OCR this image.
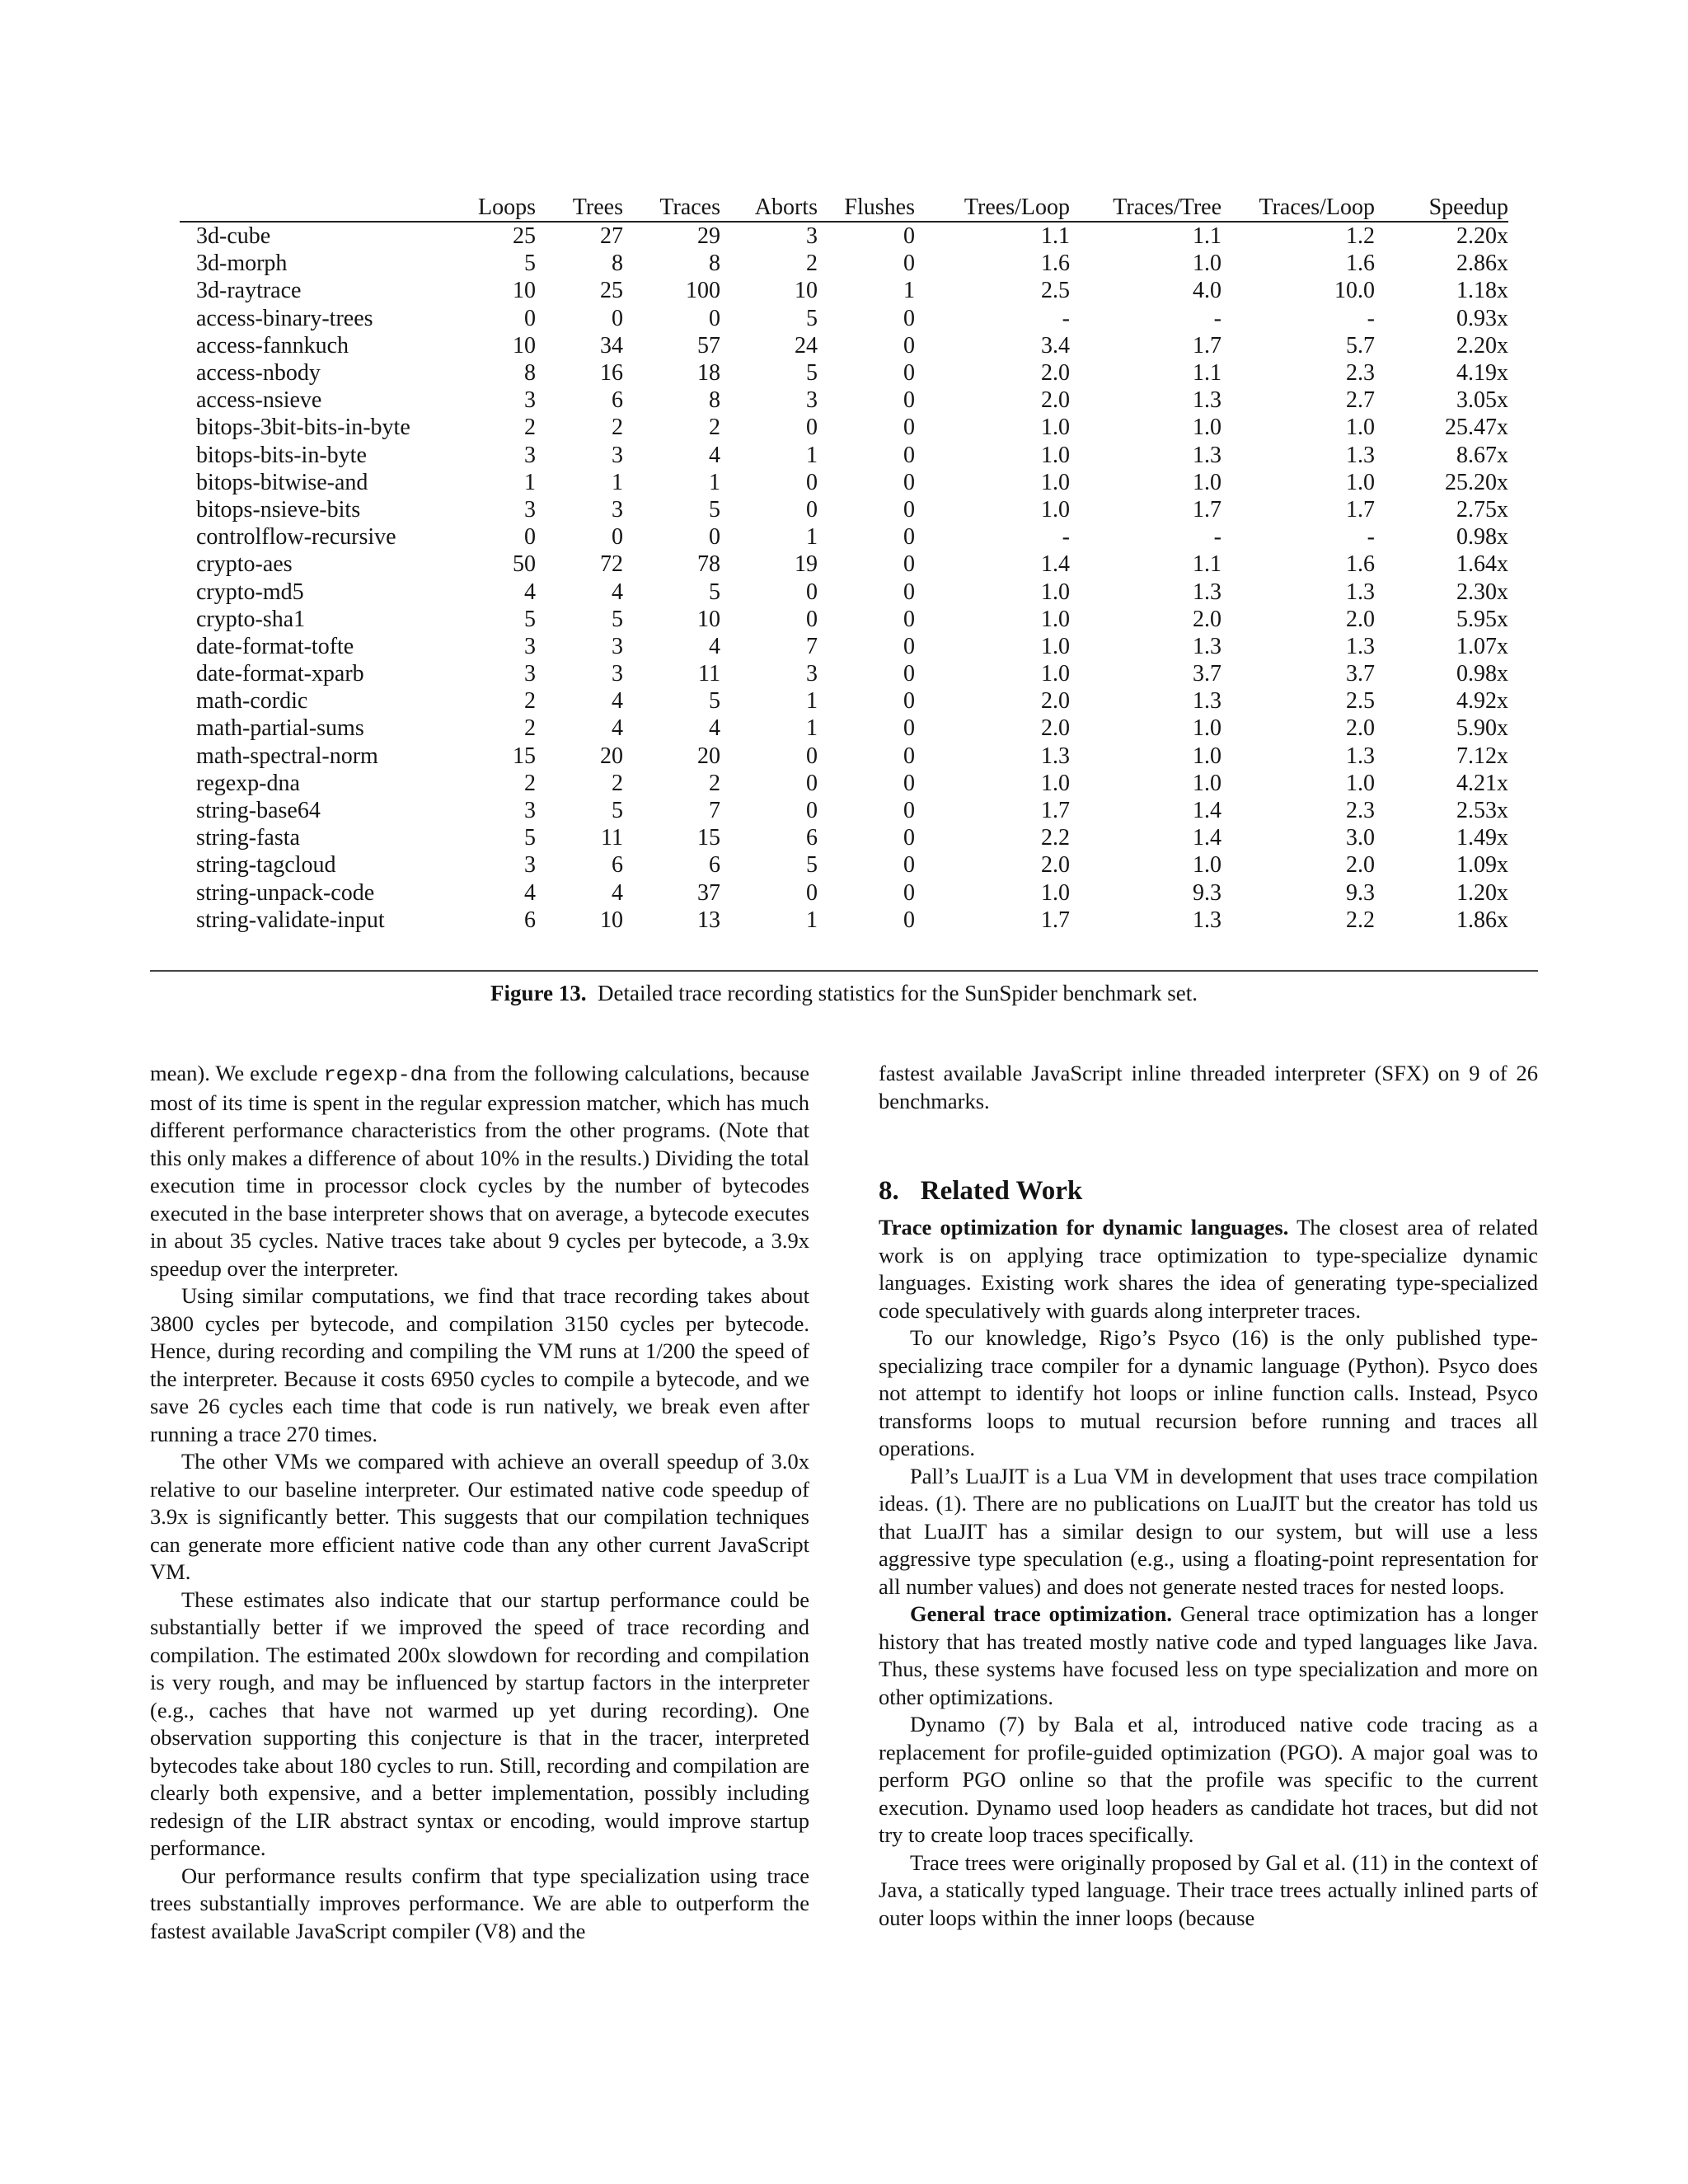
	Loops	Trees	Traces	Aborts	Flushes	Trees/Loop	Traces/Tree	Traces/Loop	Speedup
3d-cube	25	27	29	3	0	1.1	1.1	1.2	2.20x
3d-morph	5	8	8	2	0	1.6	1.0	1.6	2.86x
3d-raytrace	10	25	100	10	1	2.5	4.0	10.0	1.18x
access-binary-trees	0	0	0	5	0	-	-	-	0.93x
access-fannkuch	10	34	57	24	0	3.4	1.7	5.7	2.20x
access-nbody	8	16	18	5	0	2.0	1.1	2.3	4.19x
access-nsieve	3	6	8	3	0	2.0	1.3	2.7	3.05x
bitops-3bit-bits-in-byte	2	2	2	0	0	1.0	1.0	1.0	25.47x
bitops-bits-in-byte	3	3	4	1	0	1.0	1.3	1.3	8.67x
bitops-bitwise-and	1	1	1	0	0	1.0	1.0	1.0	25.20x
bitops-nsieve-bits	3	3	5	0	0	1.0	1.7	1.7	2.75x
controlflow-recursive	0	0	0	1	0	-	-	-	0.98x
crypto-aes	50	72	78	19	0	1.4	1.1	1.6	1.64x
crypto-md5	4	4	5	0	0	1.0	1.3	1.3	2.30x
crypto-sha1	5	5	10	0	0	1.0	2.0	2.0	5.95x
date-format-tofte	3	3	4	7	0	1.0	1.3	1.3	1.07x
date-format-xparb	3	3	11	3	0	1.0	3.7	3.7	0.98x
math-cordic	2	4	5	1	0	2.0	1.3	2.5	4.92x
math-partial-sums	2	4	4	1	0	2.0	1.0	2.0	5.90x
math-spectral-norm	15	20	20	0	0	1.3	1.0	1.3	7.12x
regexp-dna	2	2	2	0	0	1.0	1.0	1.0	4.21x
string-base64	3	5	7	0	0	1.7	1.4	2.3	2.53x
string-fasta	5	11	15	6	0	2.2	1.4	3.0	1.49x
string-tagcloud	3	6	6	5	0	2.0	1.0	2.0	1.09x
string-unpack-code	4	4	37	0	0	1.0	9.3	9.3	1.20x
string-validate-input	6	10	13	1	0	1.7	1.3	2.2	1.86x
Figure 13. Detailed trace recording statistics for the SunSpider benchmark set.

mean). We exclude regexp-dna from the following calculations, because most of its time is spent in the regular expression matcher, which has much different performance characteristics from the other programs. (Note that this only makes a difference of about 10% in the results.) Dividing the total execution time in processor clock cycles by the number of bytecodes executed in the base interpreter shows that on average, a bytecode executes in about 35 cycles. Native traces take about 9 cycles per bytecode, a 3.9x speedup over the interpreter.

Using similar computations, we find that trace recording takes about 3800 cycles per bytecode, and compilation 3150 cycles per bytecode. Hence, during recording and compiling the VM runs at 1/200 the speed of the interpreter. Because it costs 6950 cycles to compile a bytecode, and we save 26 cycles each time that code is run natively, we break even after running a trace 270 times.

The other VMs we compared with achieve an overall speedup of 3.0x relative to our baseline interpreter. Our estimated native code speedup of 3.9x is significantly better. This suggests that our compilation techniques can generate more efficient native code than any other current JavaScript VM.

These estimates also indicate that our startup performance could be substantially better if we improved the speed of trace recording and compilation. The estimated 200x slowdown for recording and compilation is very rough, and may be influenced by startup factors in the interpreter (e.g., caches that have not warmed up yet during recording). One observation supporting this conjecture is that in the tracer, interpreted bytecodes take about 180 cycles to run. Still, recording and compilation are clearly both expensive, and a better implementation, possibly including redesign of the LIR abstract syntax or encoding, would improve startup performance.

Our performance results confirm that type specialization using trace trees substantially improves performance. We are able to outperform the fastest available JavaScript compiler (V8) and the

fastest available JavaScript inline threaded interpreter (SFX) on 9 of 26 benchmarks.

8. Related Work

Trace optimization for dynamic languages. The closest area of related work is on applying trace optimization to type-specialize dynamic languages. Existing work shares the idea of generating type-specialized code speculatively with guards along interpreter traces.

To our knowledge, Rigo’s Psyco (16) is the only published type-specializing trace compiler for a dynamic language (Python). Psyco does not attempt to identify hot loops or inline function calls. Instead, Psyco transforms loops to mutual recursion before running and traces all operations.

Pall’s LuaJIT is a Lua VM in development that uses trace compilation ideas. (1). There are no publications on LuaJIT but the creator has told us that LuaJIT has a similar design to our system, but will use a less aggressive type speculation (e.g., using a floating-point representation for all number values) and does not generate nested traces for nested loops.

General trace optimization. General trace optimization has a longer history that has treated mostly native code and typed languages like Java. Thus, these systems have focused less on type specialization and more on other optimizations.

Dynamo (7) by Bala et al, introduced native code tracing as a replacement for profile-guided optimization (PGO). A major goal was to perform PGO online so that the profile was specific to the current execution. Dynamo used loop headers as candidate hot traces, but did not try to create loop traces specifically.

Trace trees were originally proposed by Gal et al. (11) in the context of Java, a statically typed language. Their trace trees actually inlined parts of outer loops within the inner loops (because
